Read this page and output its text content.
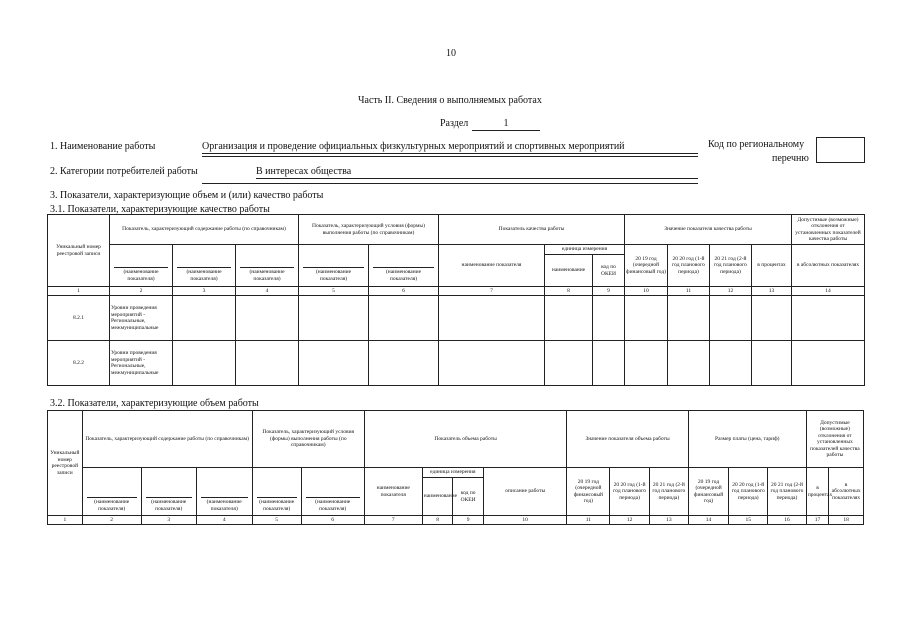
10
Часть II. Сведения о выполняемых работах
Раздел	1
1. Наименование работы	Организация и проведение официальных физкультурных мероприятий и спортивных мероприятий	Код по региональному
перечню
2. Категории потребителей работы	В интересах общества
3. Показатели, характеризующие объем и (или) качество работы
3.1. Показатели, характеризующие качество работы
Уникальный номер реестровой записи	Показатель, характеризующий содержание работы (по справочникам)			Показатель, характеризующий условия (формы) выполнения работы (по справочникам)		Показатель качества работы			Значение показателя качества работы				Допустимые (возможные) отклонения от установленных показателей качества работы

	(наименование показателя)	(наименование показателя)	(наименование показателя)	(наименование показателя)	(наименование показателя)	наименование показателя	единица измерения		20 19 год (очередной финансовый год)	20 20 год (1-й год планового периода)	20 21 год (2-й год планового периода)	в процентах	в абсолютных показателях
							наименование	код по ОКЕИ					
1	2	3	4	5	6	7	8	9	10	11	12	13	14
8.2.1	Уровни проведения мероприятий - Региональные, межмуниципальные												
8.2.2	Уровни проведения мероприятий - Региональные, межмуниципальные												
3.2. Показатели, характеризующие объем работы
Уникальный номер реестровой записи	Показатель, характеризующий содержание работы (по справочникам)			Показатель, характеризующий условия (формы) выполнения работы (по справочникам)		Показатель объема работы				Значение показателя объема работы			Размер платы (цена, тариф)			Допустимые (возможные) отклонения от установленных показателей качества работы	

	(наименование показателя)	(наименование показателя)	(наименование показателя)	(наименование показателя)	(наименование показателя)	наименование показателя	единица измерения		описание работы	20 19 год (очередной финансовый год)	20 20 год (1-й год планового периода)	20 21 год (2-й год планового периода)	20 19 год (очередной финансовый год)	20 20 год (1-й год планового периода)	20 21 год (2-й год планового периода)	в процентах	в абсолютных показателях
							наименование	код по ОКЕИ									
1	2	3	4	5	6	7	8	9	10	11	12	13	14	15	16	17	18
